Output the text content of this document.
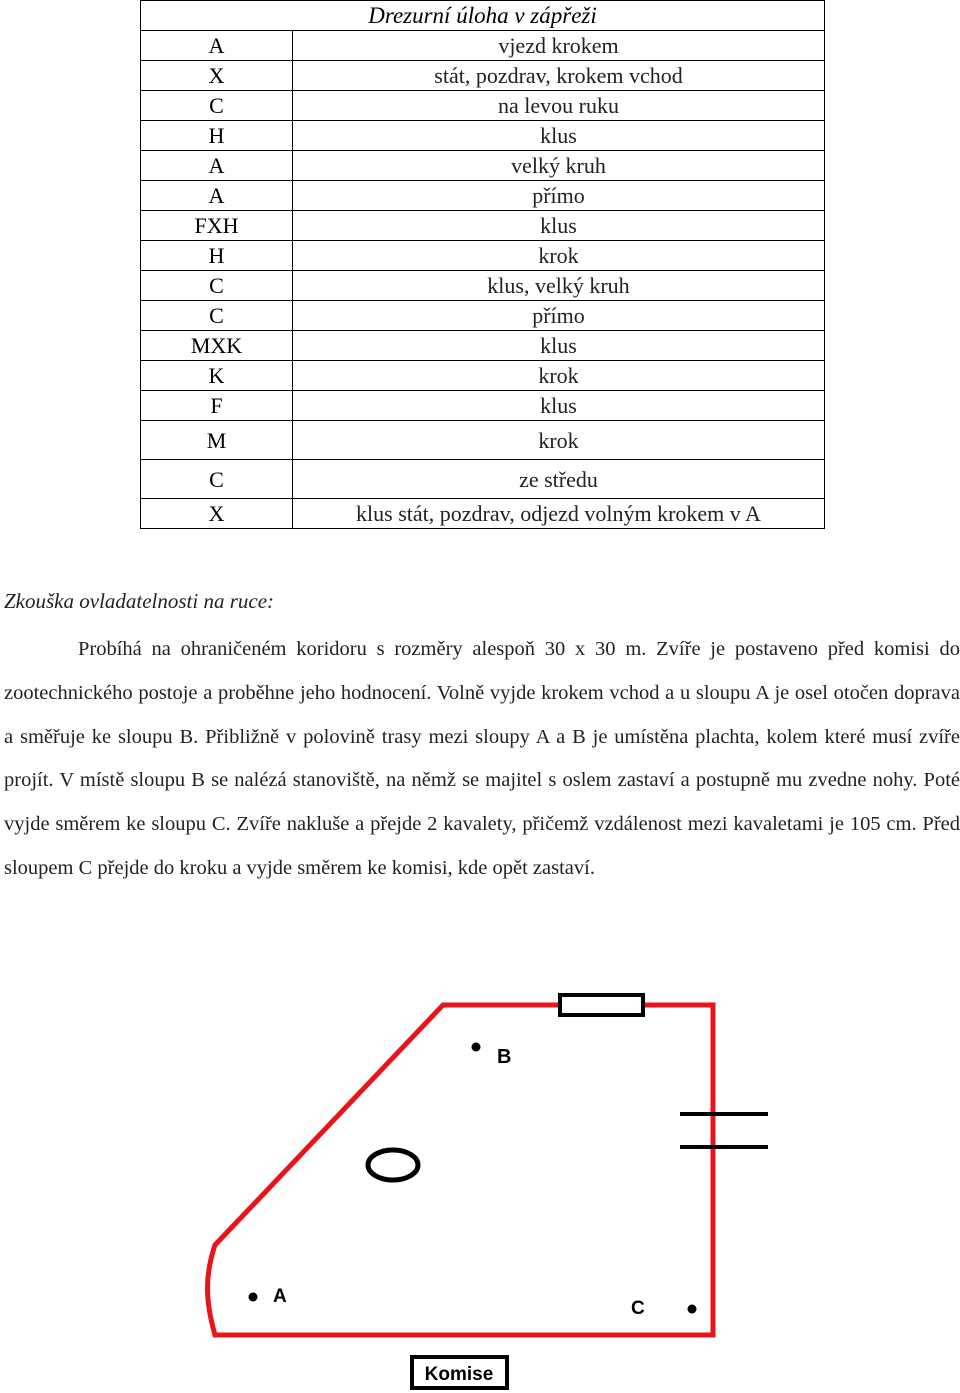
Drezurní úloha v zápřeži	
A	vjezd krokem
X	stát, pozdrav, krokem vchod
C	na levou ruku
H	klus
A	velký kruh
A	přímo
FXH	klus
H	krok
C	klus, velký kruh
C	přímo
MXK	klus
K	krok
F	klus
M	krok
C	ze středu
X	klus stát, pozdrav, odjezd volným krokem v A
Zkouška ovladatelnosti na ruce:

Probíhá na ohraničeném koridoru s rozměry alespoň 30 x 30 m. Zvíře je postaveno před komisi do zootechnického postoje a proběhne jeho hodnocení. Volně vyjde krokem vchod a u sloupu A je osel otočen doprava a směřuje ke sloupu B. Přibližně v polovině trasy mezi sloupy A a B je umístěna plachta, kolem které musí zvíře projít. V místě sloupu B se nalézá stanoviště, na němž se majitel s oslem zastaví a postupně mu zvedne nohy. Poté vyjde směrem ke sloupu C. Zvíře nakluše a přejde 2 kavalety, přičemž vzdálenost mezi kavaletami je 105 cm. Před sloupem C přejde do kroku a vyjde směrem ke komisi, kde opět zastaví.

B
A
C
Komise
